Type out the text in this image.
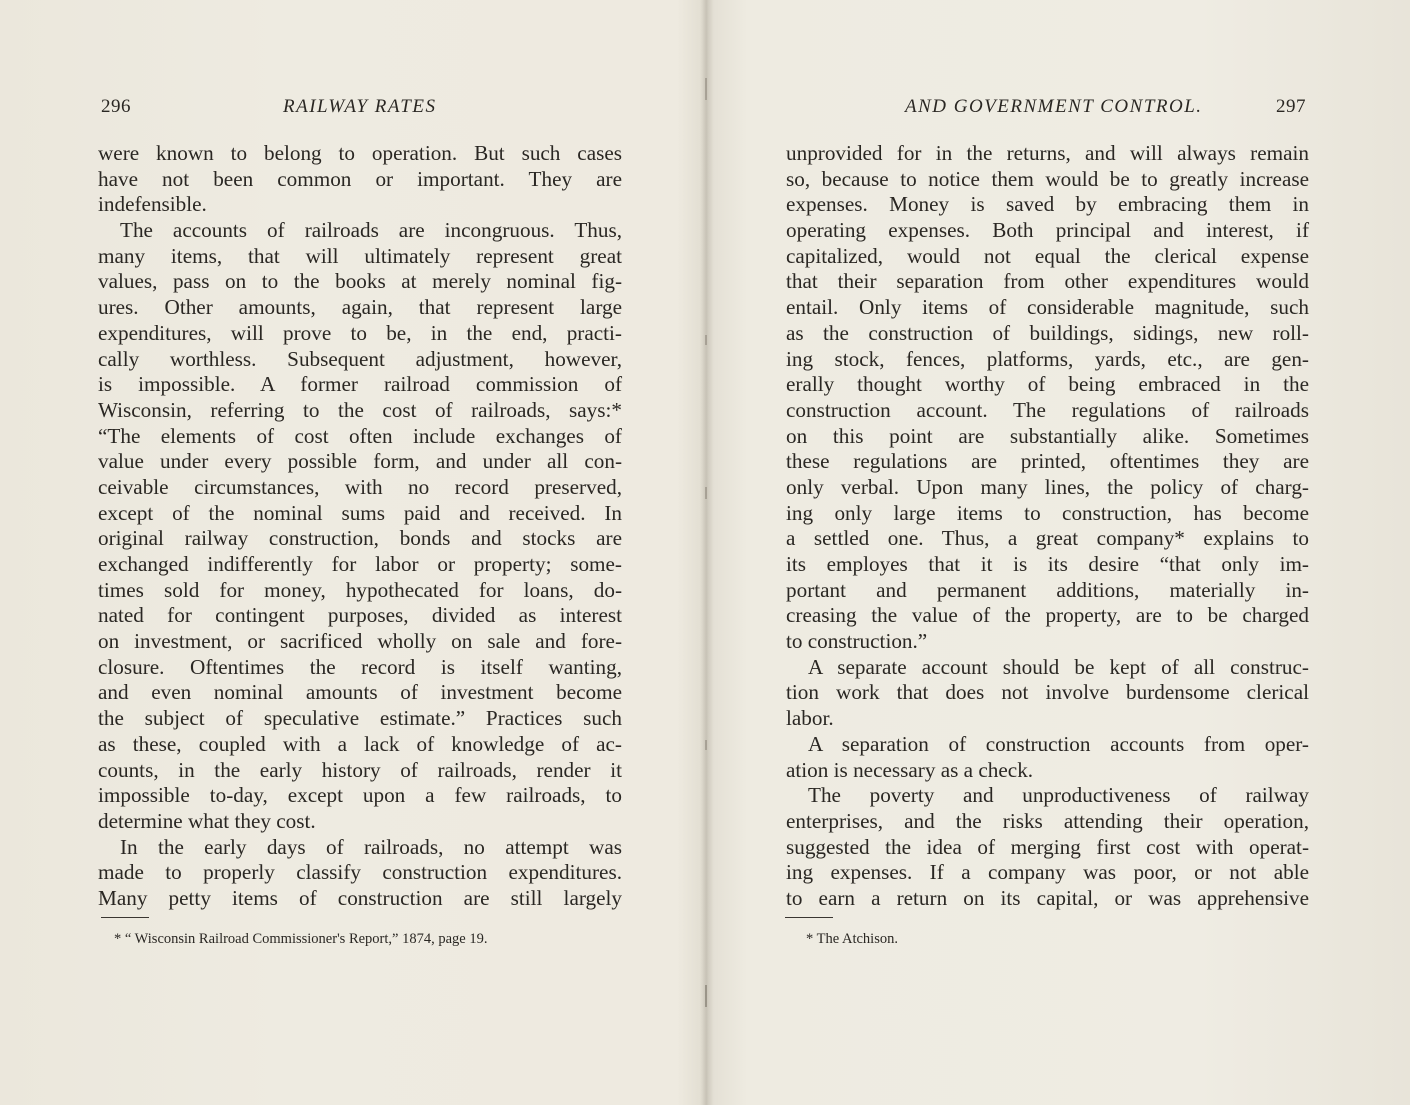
296	RAILWAY RATES
were known to belong to operation. But such cases
have not been common or important. They are
indefensible.
The accounts of railroads are incongruous. Thus,
many items, that will ultimately represent great
values, pass on to the books at merely nominal fig-
ures. Other amounts, again, that represent large
expenditures, will prove to be, in the end, practi-
cally worthless. Subsequent adjustment, however,
is impossible. A former railroad commission of
Wisconsin, referring to the cost of railroads, says:*
“The elements of cost often include exchanges of
value under every possible form, and under all con-
ceivable circumstances, with no record preserved,
except of the nominal sums paid and received. In
original railway construction, bonds and stocks are
exchanged indifferently for labor or property; some-
times sold for money, hypothecated for loans, do-
nated for contingent purposes, divided as interest
on investment, or sacrificed wholly on sale and fore-
closure. Oftentimes the record is itself wanting,
and even nominal amounts of investment become
the subject of speculative estimate.” Practices such
as these, coupled with a lack of knowledge of ac-
counts, in the early history of railroads, render it
impossible to-day, except upon a few railroads, to
determine what they cost.
In the early days of railroads, no attempt was
made to properly classify construction expenditures.
Many petty items of construction are still largely
* “ Wisconsin Railroad Commissioner's Report,” 1874, page 19.
AND GOVERNMENT CONTROL.	297
unprovided for in the returns, and will always remain
so, because to notice them would be to greatly increase
expenses. Money is saved by embracing them in
operating expenses. Both principal and interest, if
capitalized, would not equal the clerical expense
that their separation from other expenditures would
entail. Only items of considerable magnitude, such
as the construction of buildings, sidings, new roll-
ing stock, fences, platforms, yards, etc., are gen-
erally thought worthy of being embraced in the
construction account. The regulations of railroads
on this point are substantially alike. Sometimes
these regulations are printed, oftentimes they are
only verbal. Upon many lines, the policy of charg-
ing only large items to construction, has become
a settled one. Thus, a great company* explains to
its employes that it is its desire “that only im-
portant and permanent additions, materially in-
creasing the value of the property, are to be charged
to construction.”
A separate account should be kept of all construc-
tion work that does not involve burdensome clerical
labor.
A separation of construction accounts from oper-
ation is necessary as a check.
The poverty and unproductiveness of railway
enterprises, and the risks attending their operation,
suggested the idea of merging first cost with operat-
ing expenses. If a company was poor, or not able
to earn a return on its capital, or was apprehensive
* The Atchison.
